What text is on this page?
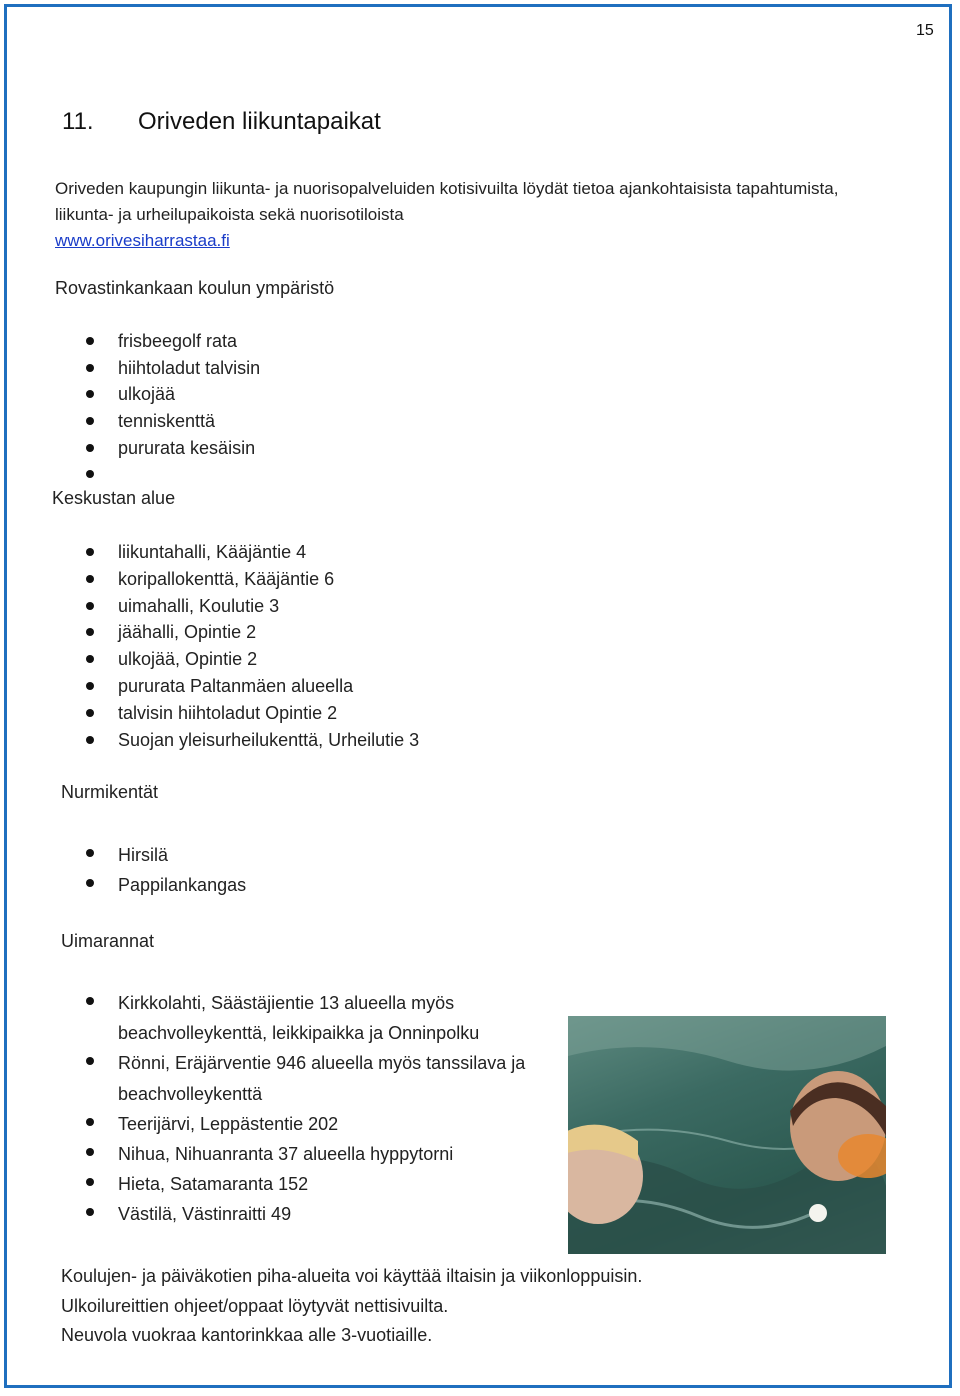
15
11. Oriveden liikuntapaikat
Oriveden kaupungin liikunta- ja nuorisopalveluiden kotisivuilta löydät tietoa ajankohtaisista tapahtumista, liikunta- ja urheilupaikoista sekä nuorisotiloista
www.orivesiharrastaa.fi
Rovastinkankaan koulun ympäristö
frisbeegolf rata
hiihtoladut talvisin
ulkojää
tenniskenttä
pururata kesäisin
Keskustan alue
liikuntahalli, Kääjäntie 4
koripallokenttä, Kääjäntie 6
uimahalli, Koulutie 3
jäähalli, Opintie 2
ulkojää, Opintie 2
pururata Paltanmäen alueella
talvisin hiihtoladut Opintie 2
Suojan yleisurheilukenttä, Urheilutie 3
Nurmikentät
Hirsilä
Pappilankangas
Uimarannat
Kirkkolahti, Säästäjientie 13 alueella myös beachvolleykenttä, leikkipaikka ja Onninpolku
Rönni, Eräjärventie 946 alueella myös tanssilava ja beachvolleykenttä
Teerijärvi, Leppästentie 202
Nihua, Nihuanranta 37 alueella hyppytorni
Hieta, Satamaranta 152
Västilä, Västinraitti 49
Koulujen- ja päiväkotien piha-alueita voi käyttää iltaisin ja viikonloppuisin.
Ulkoilureittien ohjeet/oppaat löytyvät nettisivuilta.
Neuvola vuokraa kantorinkkaa alle 3-vuotiaille.
